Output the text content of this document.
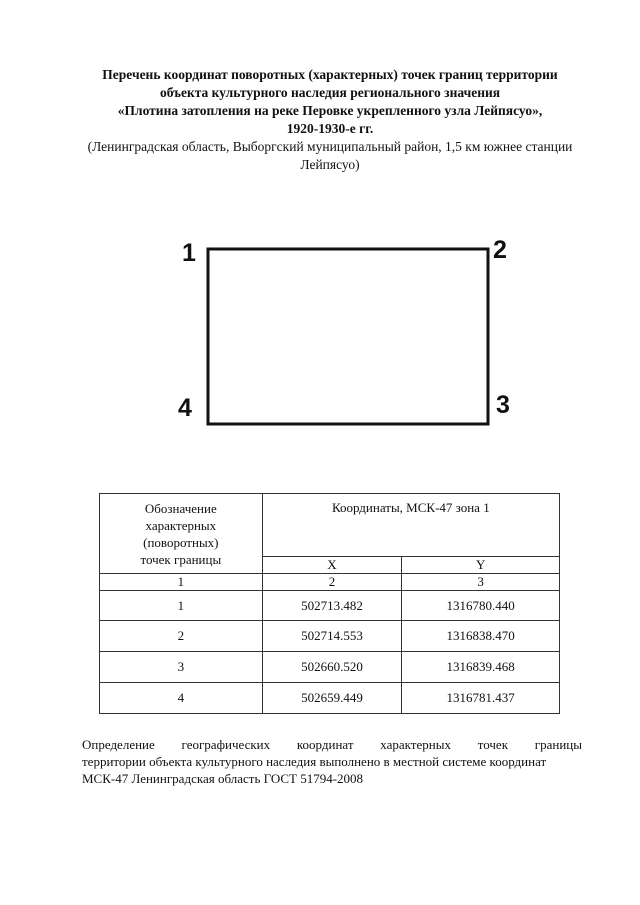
Перечень координат поворотных (характерных) точек границ территории
объекта культурного наследия регионального значения
«Плотина затопления на реке Перовке укрепленного узла Лейпясуо»,
1920-1930-е гг.
(Ленинградская область, Выборгский муниципальный район, 1,5 км южнее станции
Лейпясуо)
1	2
3
4
Обозначение
характерных
(поворотных)
точек границы	Координаты, МСК-47 зона 1	
	X	Y
1	2	3
1	502713.482	1316780.440
2	502714.553	1316838.470
3	502660.520	1316839.468
4	502659.449	1316781.437
Определение географических координат характерных точек границы
территории объекта культурного наследия выполнено в местной системе координат
МСК-47 Ленинградская область ГОСТ 51794-2008
